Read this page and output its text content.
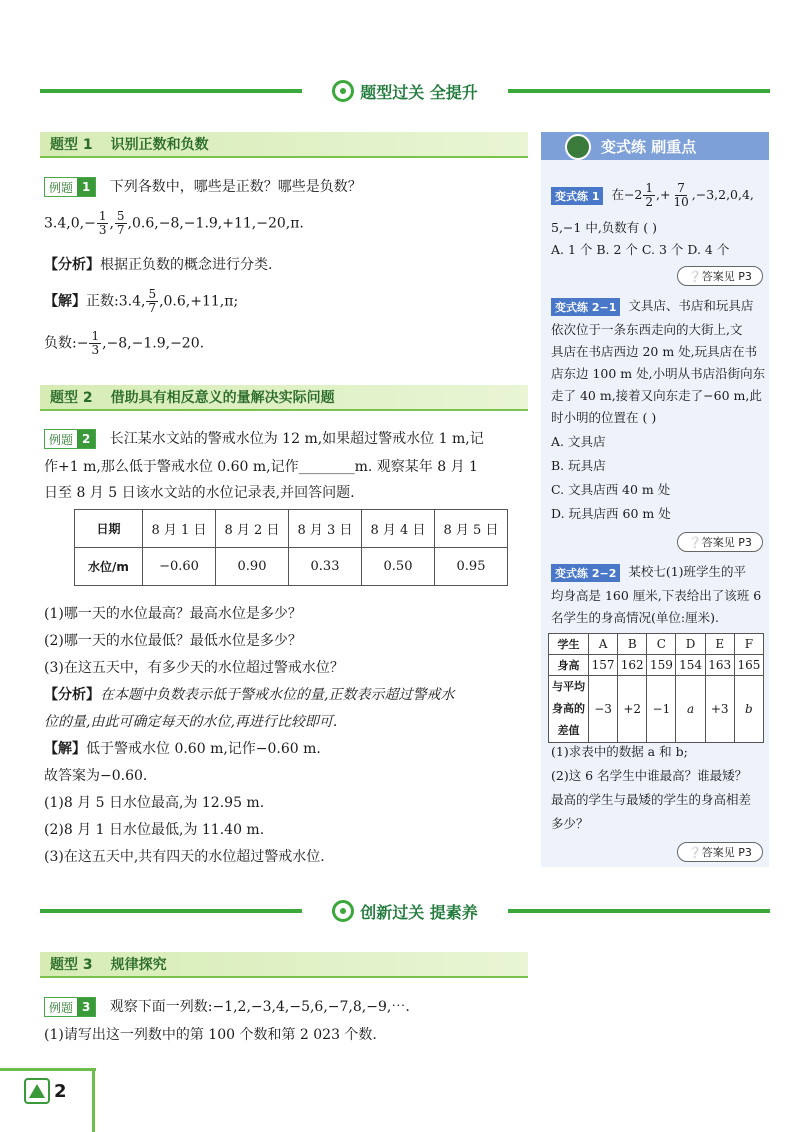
题型过关 全提升
题型 1 识别正数和负数
例题 1	下列各数中，哪些是正数？哪些是负数？
$3.4,0,- \frac{1}{3}$ , $\frac{5}{7} ,0.6,-8,-1.9,+11,-20,\pi$.
【分析】根据正负数的概念进行分类.
【解】正数:3.4, $\frac{5}{7} ,0.6,+11,\pi$;
负数:− $\frac{1}{3} ,-8,-1.9,-20$.
题型 2 借助具有相反意义的量解决实际问题
例题 2	长江某水文站的警戒水位为 12 m,如果超过警戒水位 1 m,记
作+1 m,那么低于警戒水位 0.60 m,记作________m. 观察某年 8 月 1
日至 8 月 5 日该水文站的水位记录表,并回答问题.
日期	8 月 1 日	8 月 2 日	8 月 3 日	8 月 4 日	8 月 5 日
水位/m	−0.60	0.90	0.33	0.50	0.95
(1)哪一天的水位最高？最高水位是多少？
(2)哪一天的水位最低？最低水位是多少？
(3)在这五天中，有多少天的水位超过警戒水位？
【分析】在本题中负数表示低于警戒水位的量,正数表示超过警戒水
位的量,由此可确定每天的水位,再进行比较即可.
【解】低于警戒水位 0.60 m,记作−0.60 m.
故答案为−0.60.
(1)8 月 5 日水位最高,为 12.95 m.
(2)8 月 1 日水位最低,为 11.40 m.
(3)在这五天中,共有四天的水位超过警戒水位.
变式练 刷重点
变式练 1 在$-2 \frac{1}{2}$ ,+ $\frac{7}{10} ,-3,2,0,4$,
5,−1 中,负数有 ( )
A. 1 个 B. 2 个 C. 3 个 D. 4 个
❔ 答案见 P3
变式练 2−1 文具店、书店和玩具店
依次位于一条东西走向的大街上,文
具店在书店西边 20 m 处,玩具店在书
店东边 100 m 处,小明从书店沿街向东
走了 40 m,接着又向东走了−60 m,此
时小明的位置在 ( )
A. 文具店
B. 玩具店
C. 文具店西 40 m 处
D. 玩具店西 60 m 处
❔ 答案见 P3
变式练 2−2 某校七(1)班学生的平
均身高是 160 厘米,下表给出了该班 6
名学生的身高情况(单位:厘米).
(1)求表中的数据 a 和 b;
(2)这 6 名学生中谁最高？谁最矮？
最高的学生与最矮的学生的身高相差
多少？
❔ 答案见 P3
学生	A	B	C	D	E	F
身高	157	162	159	154	163	165

与平均
身高的
差值	−3	+2	−1	a	+3	b
创新过关 提素养
题型 3 规律探究
例题 3	观察下面一列数:−1,2,−3,4,−5,6,−7,8,−9,⋯.
(1)请写出这一列数中的第 100 个数和第 2 023 个数.
2
